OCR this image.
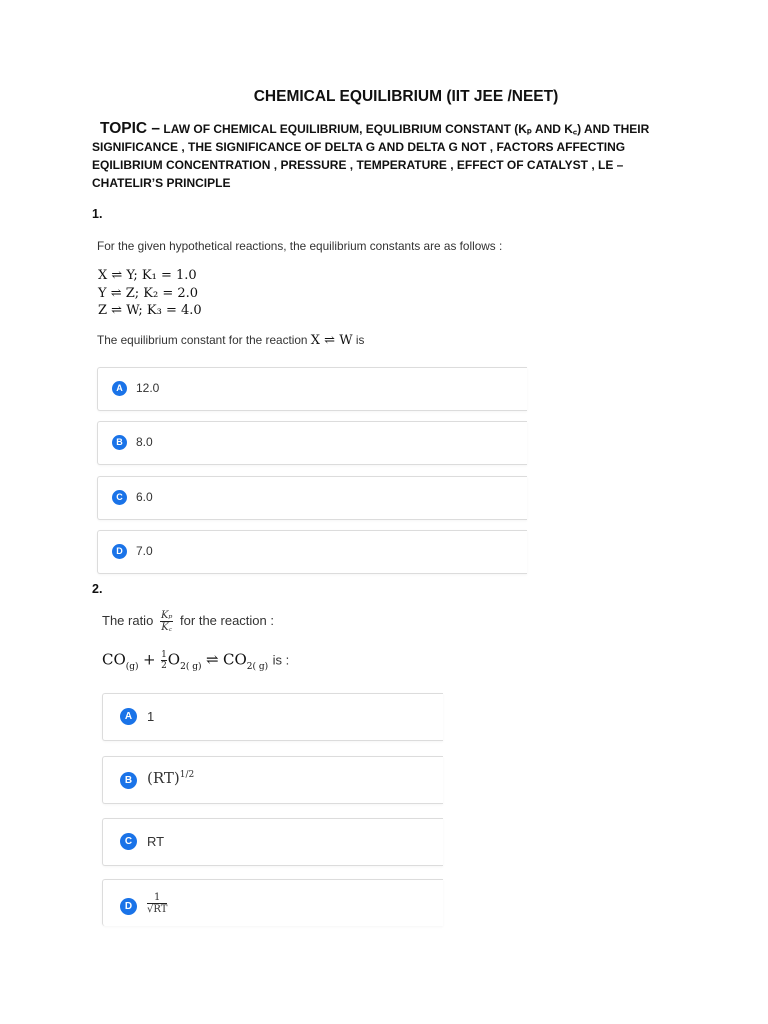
CHEMICAL EQUILIBRIUM (IIT JEE /NEET)
TOPIC – LAW OF CHEMICAL EQUILIBRIUM, EQULIBRIUM CONSTANT (Kₚ AND K꜀) AND THEIR SIGNIFICANCE , THE SIGNIFICANCE OF DELTA G AND DELTA G NOT , FACTORS AFFECTING EQILIBRIUM CONCENTRATION , PRESSURE , TEMPERATURE , EFFECT OF CATALYST , LE – CHATELIR’S PRINCIPLE
1.
For the given hypothetical reactions, the equilibrium constants are as follows :
X ⇌ Y; K₁ = 1.0
Y ⇌ Z; K₂ = 2.0
Z ⇌ W; K₃ = 4.0
The equilibrium constant for the reaction X ⇌ W is
A	12.0
B	8.0
C	6.0
D	7.0
2.
The ratio $\frac{\text{Kₚ}}{K꜀}$ for the reaction :
$CO_{(g)} + \frac{1}{2}O_{2( g)}$ ⇌ $CO_{2( g)}$ is :
A	1
B (RT)$^{1/2}$
C	RT
D	$\frac{1}{√RT}$
